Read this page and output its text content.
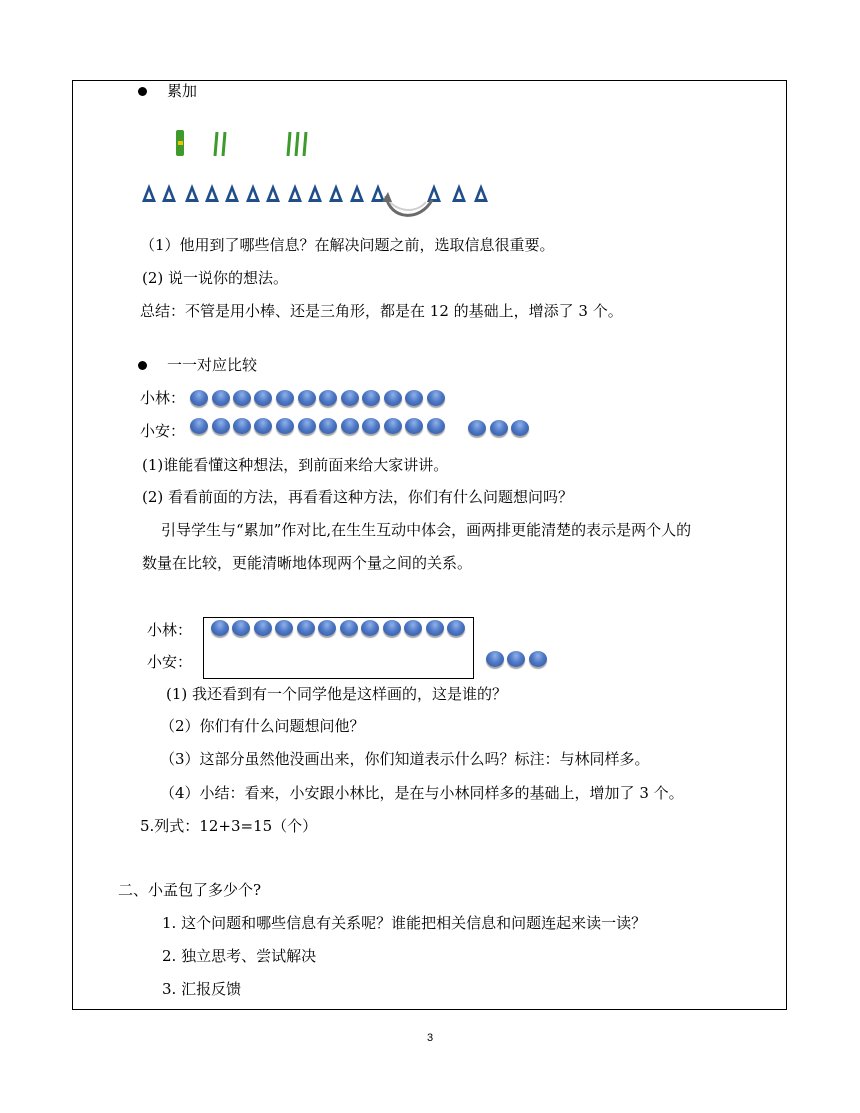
累加
（1）他用到了哪些信息？在解决问题之前，选取信息很重要。
(2) 说一说你的想法。
总结：不管是用小棒、还是三角形，都是在 12 的基础上，增添了 3 个。
一一对应比较
小林：
小安：
(1)谁能看懂这种想法，到前面来给大家讲讲。
(2) 看看前面的方法，再看看这种方法，你们有什么问题想问吗？
引导学生与“累加”作对比,在生生互动中体会，画两排更能清楚的表示是两个人的
数量在比较，更能清晰地体现两个量之间的关系。
小林：
小安：
(1) 我还看到有一个同学他是这样画的，这是谁的？
（2）你们有什么问题想问他？
（3）这部分虽然他没画出来，你们知道表示什么吗？标注：与林同样多。
（4）小结：看来，小安跟小林比，是在与小林同样多的基础上，增加了 3 个。
5.列式：12+3=15（个）
二、小孟包了多少个?
1. 这个问题和哪些信息有关系呢？谁能把相关信息和问题连起来读一读？
2. 独立思考、尝试解决
3. 汇报反馈
3
